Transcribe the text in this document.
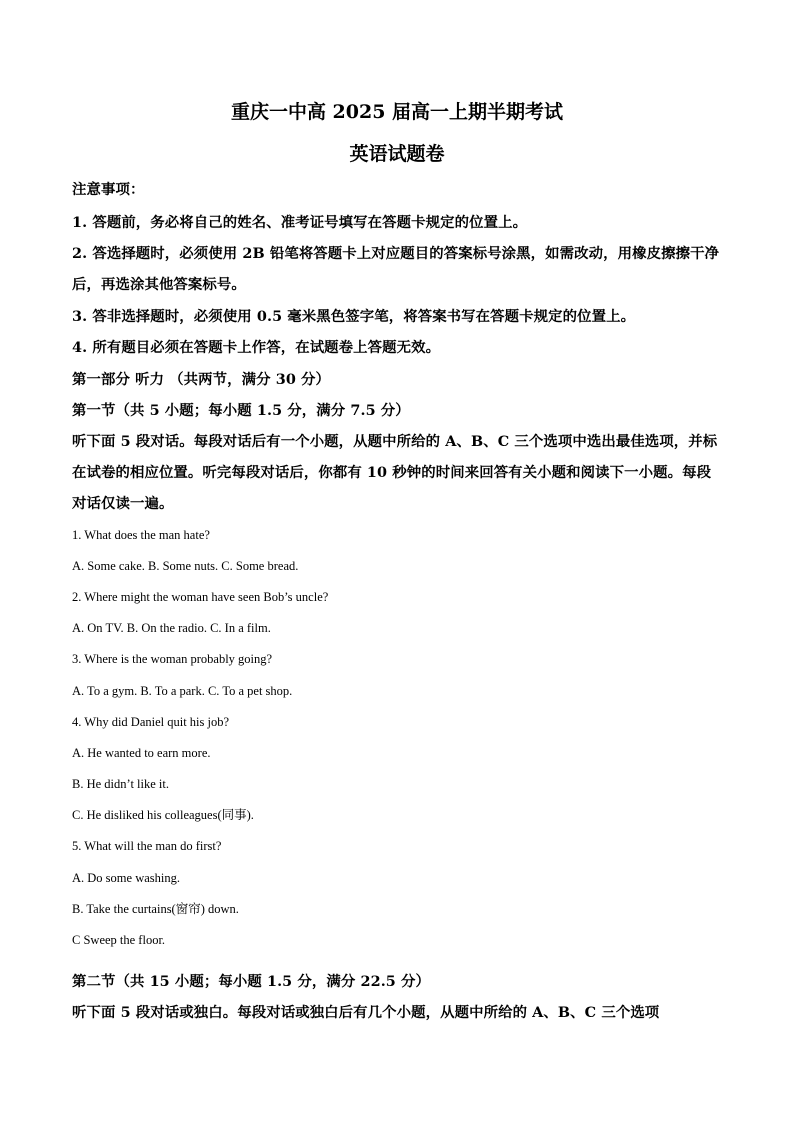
重庆一中高 2025 届高一上期半期考试
英语试题卷
注意事项：
1. 答题前，务必将自己的姓名、准考证号填写在答题卡规定的位置上。
2. 答选择题时，必须使用 2B 铅笔将答题卡上对应题目的答案标号涂黑，如需改动，用橡皮擦擦干净后，再选涂其他答案标号。
3. 答非选择题时，必须使用 0.5 毫米黑色签字笔，将答案书写在答题卡规定的位置上。
4. 所有题目必须在答题卡上作答，在试题卷上答题无效。
第一部分 听力 （共两节，满分 30 分）
第一节（共 5 小题；每小题 1.5 分，满分 7.5 分）
听下面 5 段对话。每段对话后有一个小题，从题中所给的 A、B、C 三个选项中选出最佳选项，并标在试卷的相应位置。听完每段对话后，你都有 10 秒钟的时间来回答有关小题和阅读下一小题。每段对话仅读一遍。
1. What does the man hate?
A. Some cake. B. Some nuts. C. Some bread.
2. Where might the woman have seen Bob’s uncle?
A. On TV. B. On the radio. C. In a film.
3. Where is the woman probably going?
A. To a gym. B. To a park. C. To a pet shop.
4. Why did Daniel quit his job?
A. He wanted to earn more.
B. He didn’t like it.
C. He disliked his colleagues(同事).
5. What will the man do first?
A. Do some washing.
B. Take the curtains(窗帘) down.
C Sweep the floor.
第二节（共 15 小题；每小题 1.5 分，满分 22.5 分）
听下面 5 段对话或独白。每段对话或独白后有几个小题，从题中所给的 A、B、C 三个选项
